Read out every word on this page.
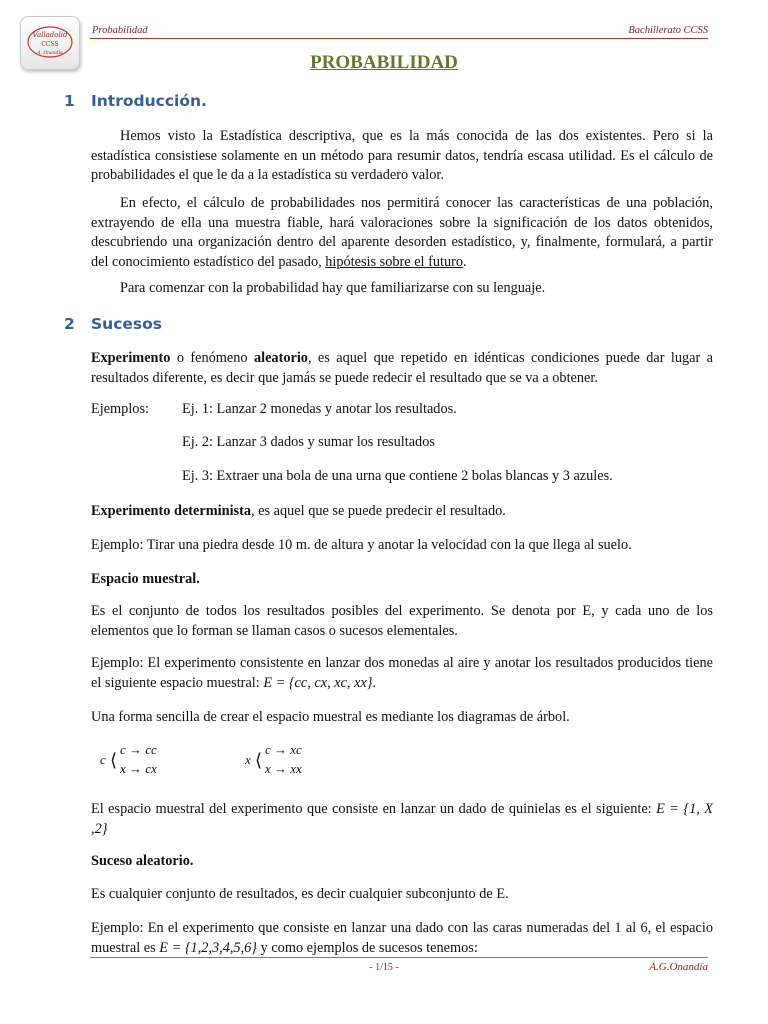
Valladolid
CCSS
A. Onandía
Probabilidad	Bachillerato CCSS
PROBABILIDAD
1 Introducción.
Hemos visto la Estadística descriptiva, que es la más conocida de las dos existentes. Pero si la estadística consistiese solamente en un método para resumir datos, tendría escasa utilidad. Es el cálculo de probabilidades el que le da a la estadística su verdadero valor.
En efecto, el cálculo de probabilidades nos permitirá conocer las características de una población, extrayendo de ella una muestra fiable, hará valoraciones sobre la significación de los datos obtenidos, descubriendo una organización dentro del aparente desorden estadístico, y, finalmente, formulará, a partir del conocimiento estadístico del pasado, hipótesis sobre el futuro.
Para comenzar con la probabilidad hay que familiarizarse con su lenguaje.
2 Sucesos
Experimento o fenómeno aleatorio, es aquel que repetido en idénticas condiciones puede dar lugar a resultados diferente, es decir que jamás se puede redecir el resultado que se va a obtener.
Ejemplos: Ej. 1: Lanzar 2 monedas y anotar los resultados.
Ej. 2: Lanzar 3 dados y sumar los resultados
Ej. 3: Extraer una bola de una urna que contiene 2 bolas blancas y 3 azules.
Experimento determinista, es aquel que se puede predecir el resultado.
Ejemplo: Tirar una piedra desde 10 m. de altura y anotar la velocidad con la que llega al suelo.
Espacio muestral.
Es el conjunto de todos los resultados posibles del experimento. Se denota por E, y cada uno de los elementos que lo forman se llaman casos o sucesos elementales.
Ejemplo: El experimento consistente en lanzar dos monedas al aire y anotar los resultados producidos tiene el siguiente espacio muestral: E = {cc, cx, xc, xx}.
Una forma sencilla de crear el espacio muestral es mediante los diagramas de árbol.
c ⟨
c → cc
x → cx
x ⟨
c → xc
x → xx
El espacio muestral del experimento que consiste en lanzar un dado de quinielas es el siguiente: E = {1, X ,2}
Suceso aleatorio.
Es cualquier conjunto de resultados, es decir cualquier subconjunto de E.
Ejemplo: En el experimento que consiste en lanzar una dado con las caras numeradas del 1 al 6, el espacio muestral es E = {1,2,3,4,5,6} y como ejemplos de sucesos tenemos:
- 1/15 -	A.G.Onandía
